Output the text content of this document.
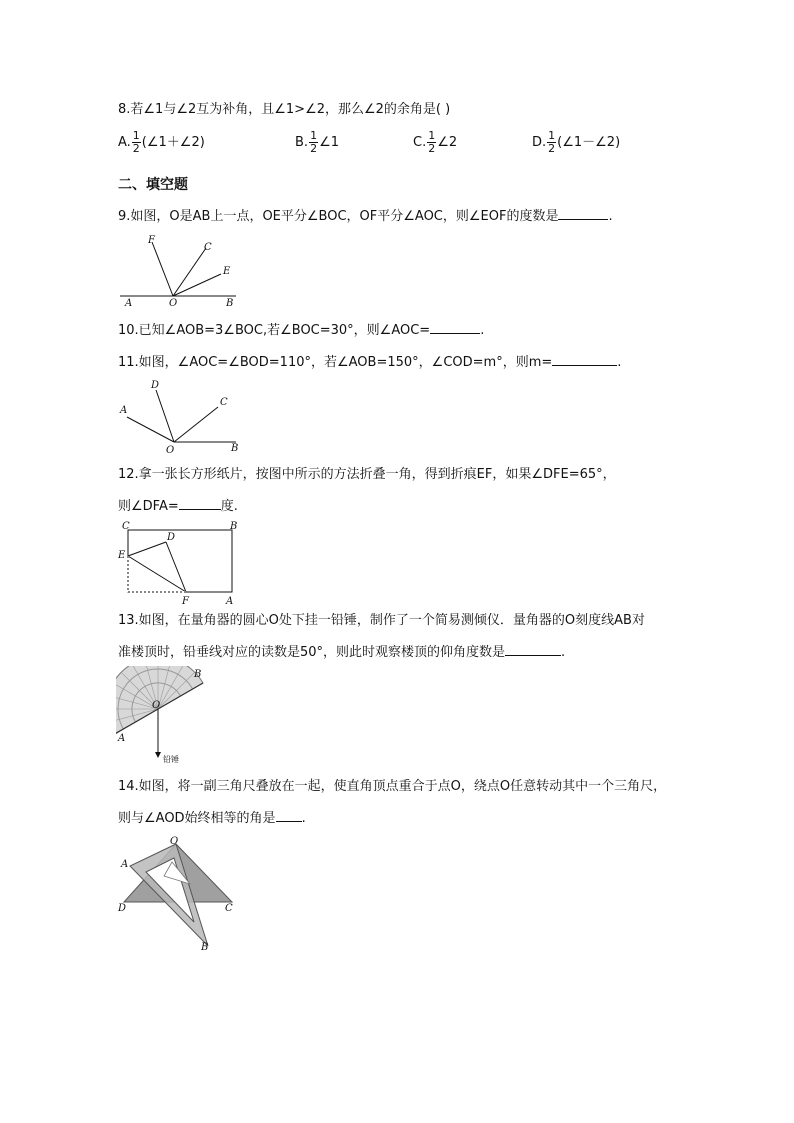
8.若∠1与∠2互为补角，且∠1>∠2，那么∠2的余角是( )
A. $\frac{1}{2}$ (∠1＋∠2)	B. $\frac{1}{2}$ ∠1	C. $\frac{1}{2}$ ∠2	D. $\frac{1}{2}$ (∠1－∠2)
二、填空题
9.如图，O是AB上一点，OE平分∠BOC，OF平分∠AOC，则∠EOF的度数是	.
F
C
E
A	O	B
10.已知∠AOB=3∠BOC,若∠BOC=30°，则∠AOC=	.
11.如图，∠AOC=∠BOD=110°，若∠AOB=150°，∠COD=m°，则m=	.
D
A
C
O	B
12.拿一张长方形纸片，按图中所示的方法折叠一角，得到折痕EF，如果∠DFE=65°，
则∠DFA=	度.
C	B
D
E
F	A
13.如图，在量角器的圆心O处下挂一铅锤，制作了一个简易测倾仪．量角器的O刻度线AB对
准楼顶时，铅垂线对应的读数是50°，则此时观察楼顶的仰角度数是	.
B
O
A
铅锤
14.如图，将一副三角尺叠放在一起，使直角顶点重合于点O，绕点O任意转动其中一个三角尺，
则与∠AOD始终相等的角是 .
O
A
D	C
B
